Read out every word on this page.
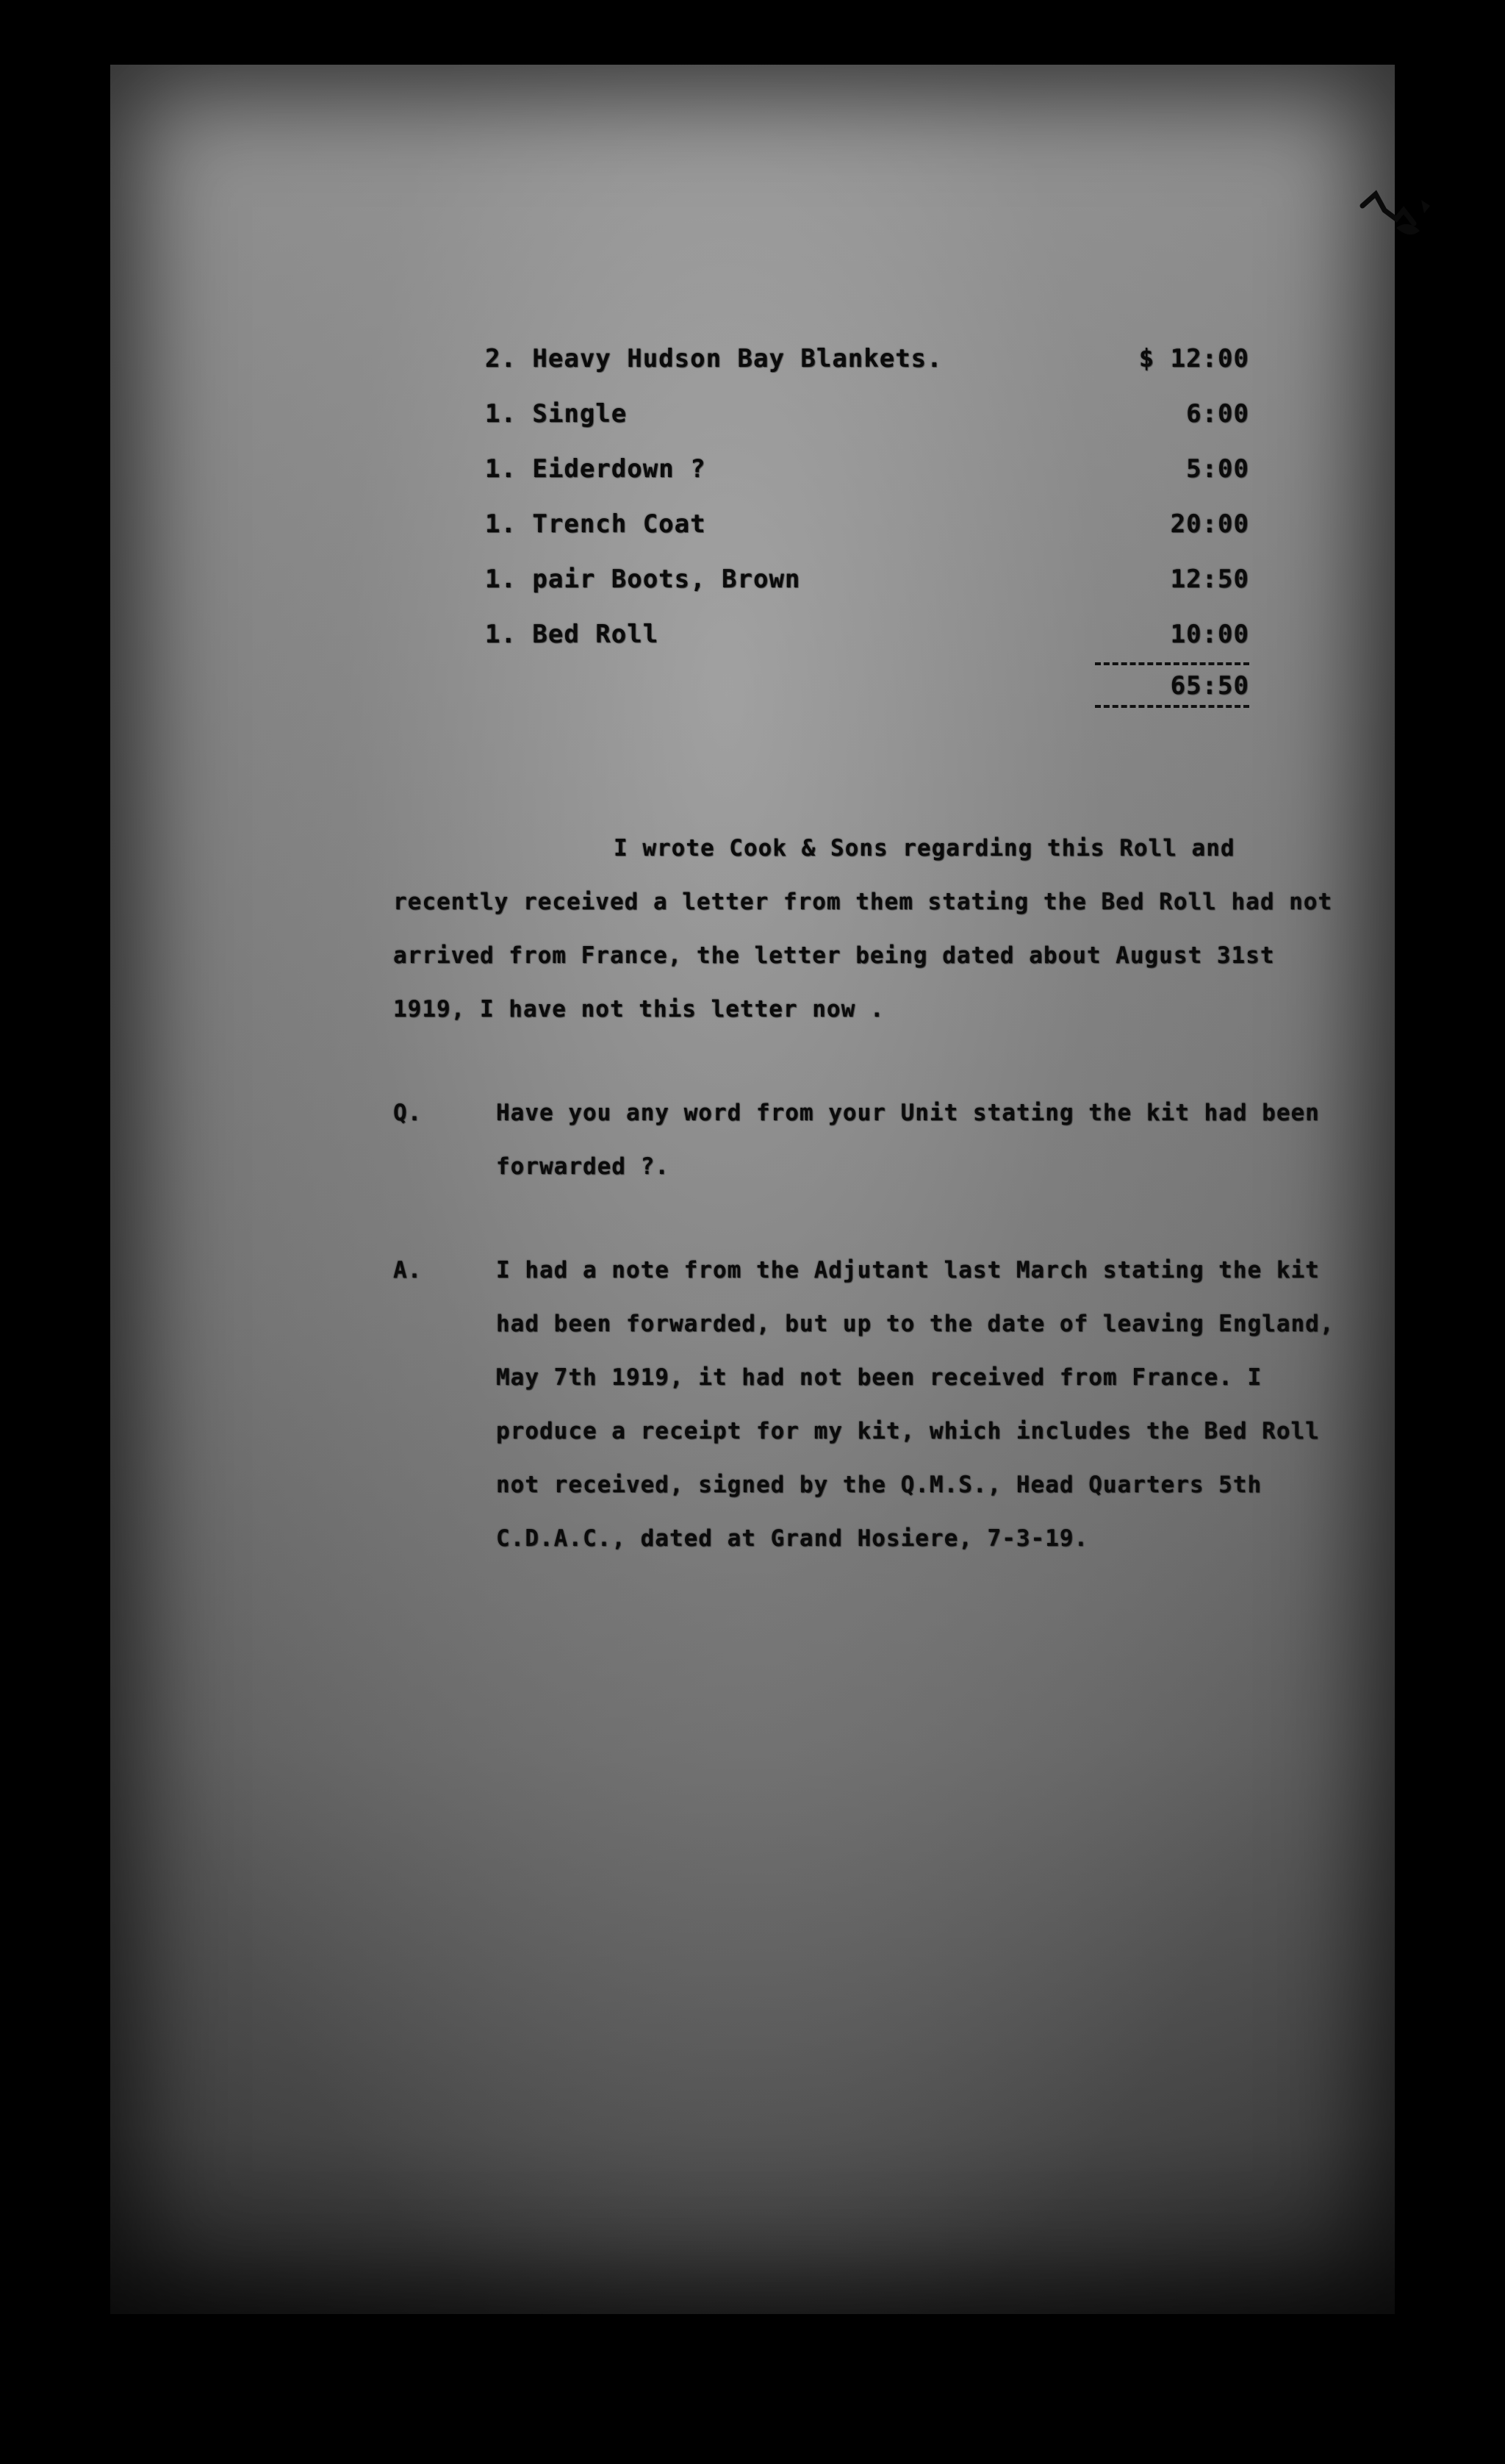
2. Heavy Hudson Bay Blankets.	$ 12:00
1. Single	6:00
1. Eiderdown ?	5:00
1. Trench Coat	20:00
1. pair Boots, Brown	12:50
1. Bed Roll	10:00
65:50
I wrote Cook & Sons regarding this Roll and recently received a letter from them stating the Bed Roll had not arrived from France, the letter being dated about August 31st 1919, I have not this letter now .
Q.	Have you any word from your Unit stating the kit had been forwarded ?.
A.	I had a note from the Adjutant last March stating the kit had been forwarded, but up to the date of leaving England, May 7th 1919, it had not been received from France. I produce a receipt for my kit, which includes the Bed Roll not received, signed by the Q.M.S., Head Quarters 5th C.D.A.C., dated at Grand Hosiere, 7-3-19.
